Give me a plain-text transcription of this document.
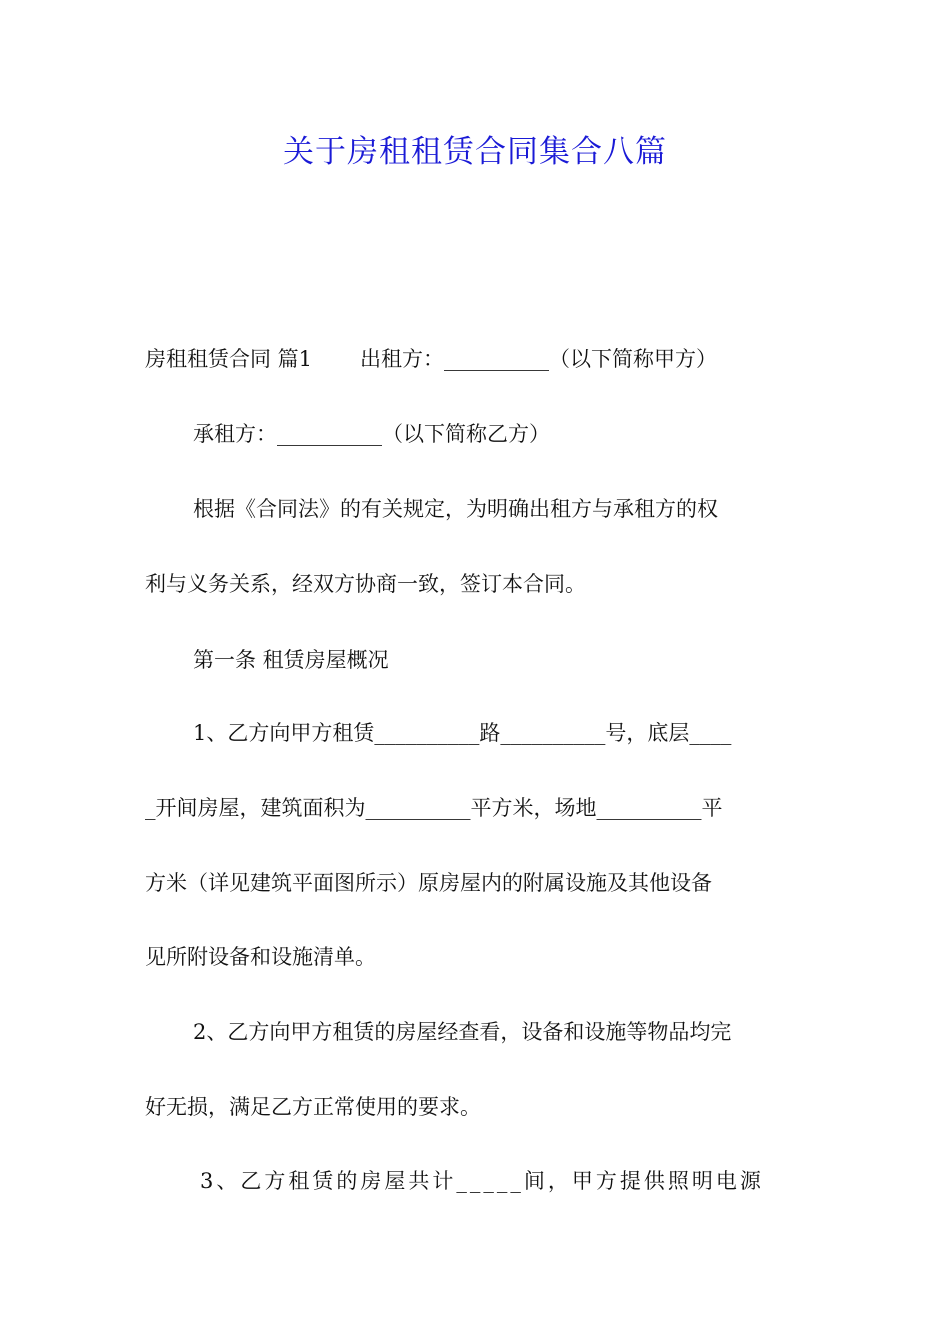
关于房租租赁合同集合八篇
房租租赁合同 篇1 出租方：__________（以下简称甲方）
承租方：__________（以下简称乙方）
根据《合同法》的有关规定，为明确出租方与承租方的权
利与义务关系，经双方协商一致，签订本合同。
第一条 租赁房屋概况
1、乙方向甲方租赁__________路__________号，底层____
_开间房屋，建筑面积为__________平方米，场地__________平
方米（详见建筑平面图所示）原房屋内的附属设施及其他设备
见所附设备和设施清单。
2、乙方向甲方租赁的房屋经查看，设备和设施等物品均完
好无损，满足乙方正常使用的要求。
3、乙方租赁的房屋共计_____间，甲方提供照明电源
